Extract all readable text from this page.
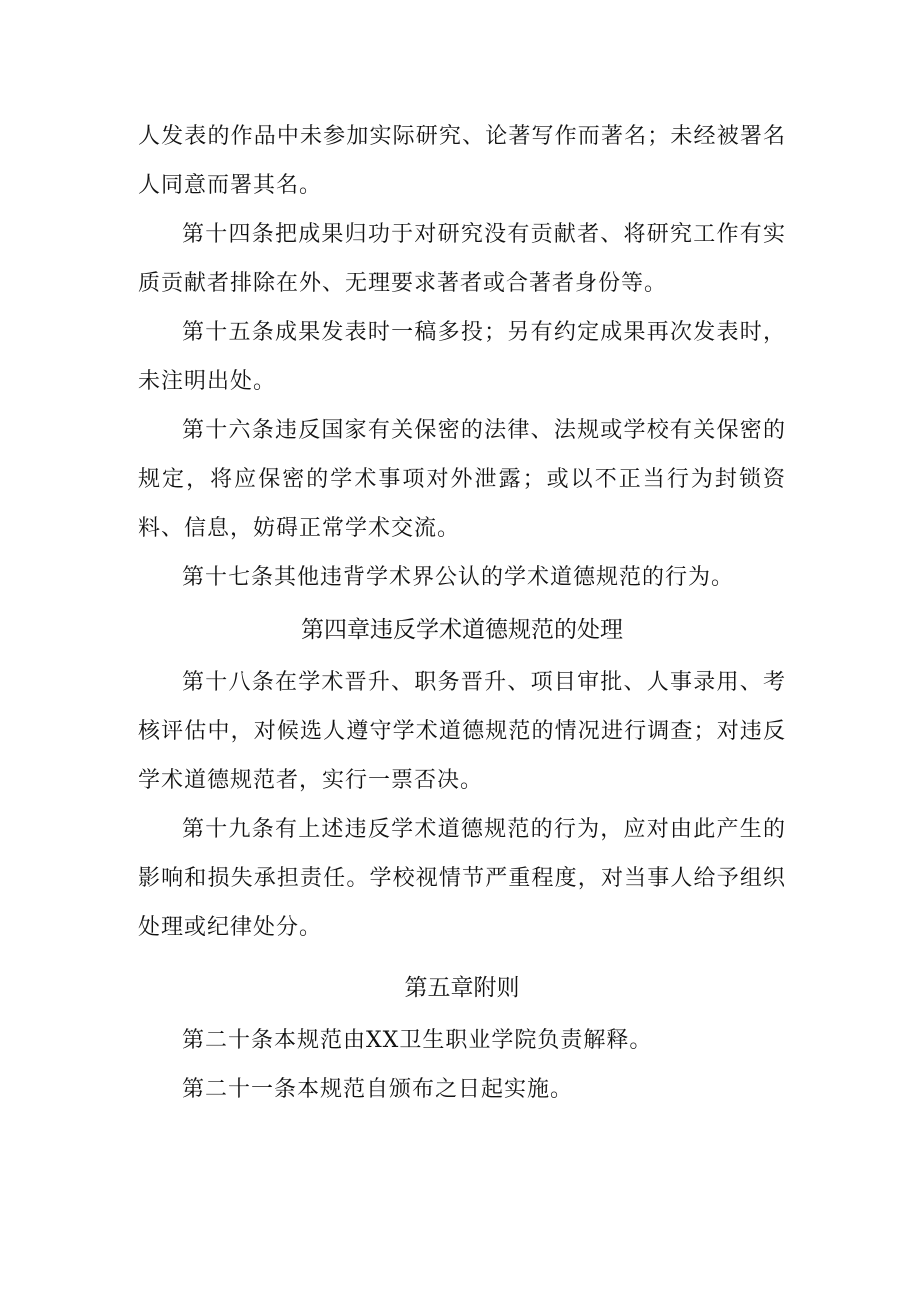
人发表的作品中未参加实际研究、论著写作而著名；未经被署名人同意而署其名。

第十四条把成果归功于对研究没有贡献者、将研究工作有实质贡献者排除在外、无理要求著者或合著者身份等。

第十五条成果发表时一稿多投；另有约定成果再次发表时，未注明出处。

第十六条违反国家有关保密的法律、法规或学校有关保密的规定，将应保密的学术事项对外泄露；或以不正当行为封锁资料、信息，妨碍正常学术交流。

第十七条其他违背学术界公认的学术道德规范的行为。

第四章违反学术道德规范的处理

第十八条在学术晋升、职务晋升、项目审批、人事录用、考核评估中，对候选人遵守学术道德规范的情况进行调查；对违反学术道德规范者，实行一票否决。

第十九条有上述违反学术道德规范的行为，应对由此产生的影响和损失承担责任。学校视情节严重程度，对当事人给予组织处理或纪律处分。

第五章附则

第二十条本规范由XX卫生职业学院负责解释。

第二十一条本规范自颁布之日起实施。
